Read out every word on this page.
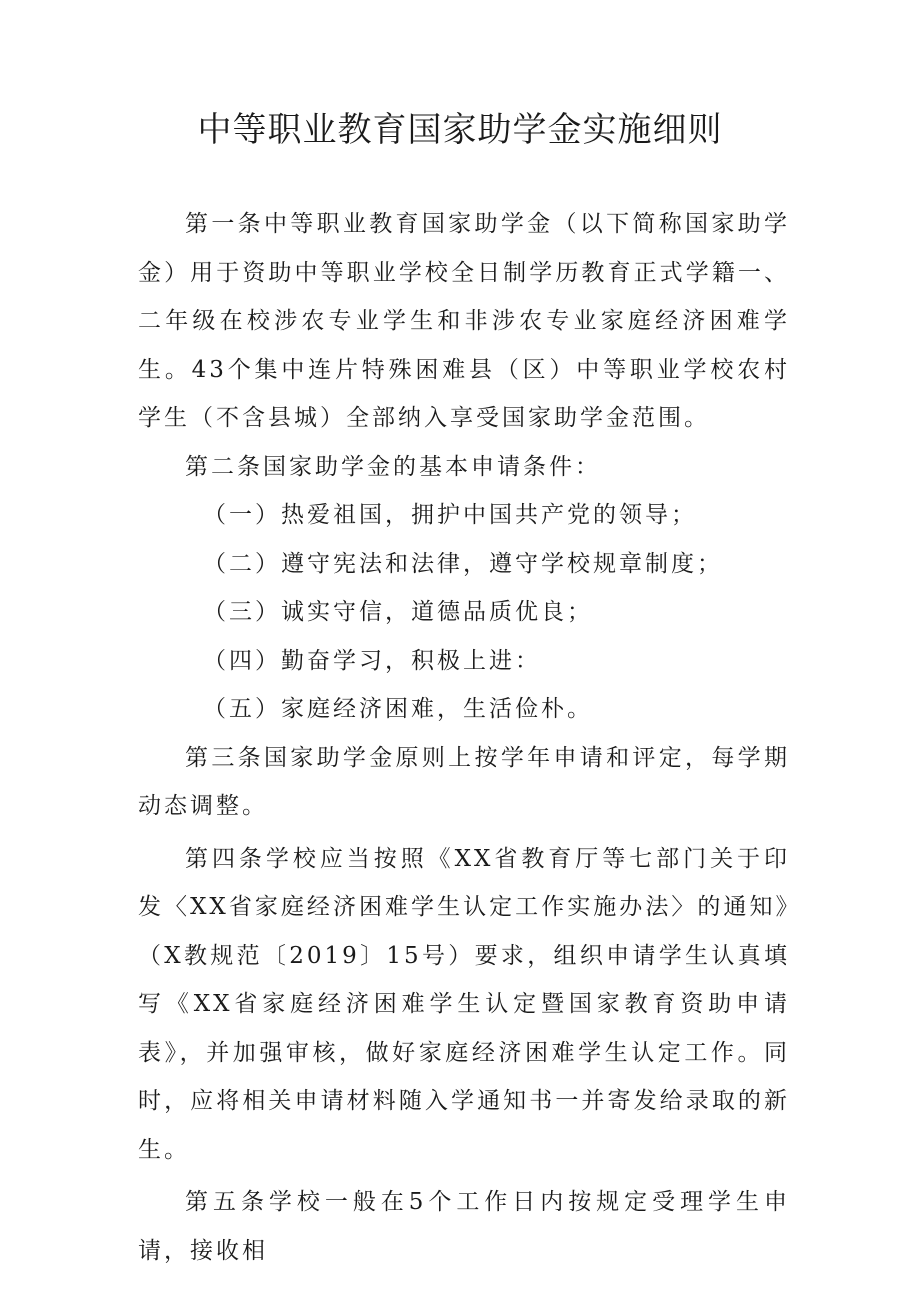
中等职业教育国家助学金实施细则

第一条中等职业教育国家助学金（以下简称国家助学金）用于资助中等职业学校全日制学历教育正式学籍一、二年级在校涉农专业学生和非涉农专业家庭经济困难学生。43个集中连片特殊困难县（区）中等职业学校农村学生（不含县城）全部纳入享受国家助学金范围。

第二条国家助学金的基本申请条件：

（一）热爱祖国，拥护中国共产党的领导；

（二）遵守宪法和法律，遵守学校规章制度；

（三）诚实守信，道德品质优良；

（四）勤奋学习，积极上进：

（五）家庭经济困难，生活俭朴。

第三条国家助学金原则上按学年申请和评定，每学期动态调整。

第四条学校应当按照《XX省教育厅等七部门关于印发〈XX省家庭经济困难学生认定工作实施办法〉的通知》（X教规范〔2019〕15号）要求，组织申请学生认真填写《XX省家庭经济困难学生认定暨国家教育资助申请表》，并加强审核，做好家庭经济困难学生认定工作。同时，应将相关申请材料随入学通知书一并寄发给录取的新生。

第五条学校一般在5个工作日内按规定受理学生申请，接收相
